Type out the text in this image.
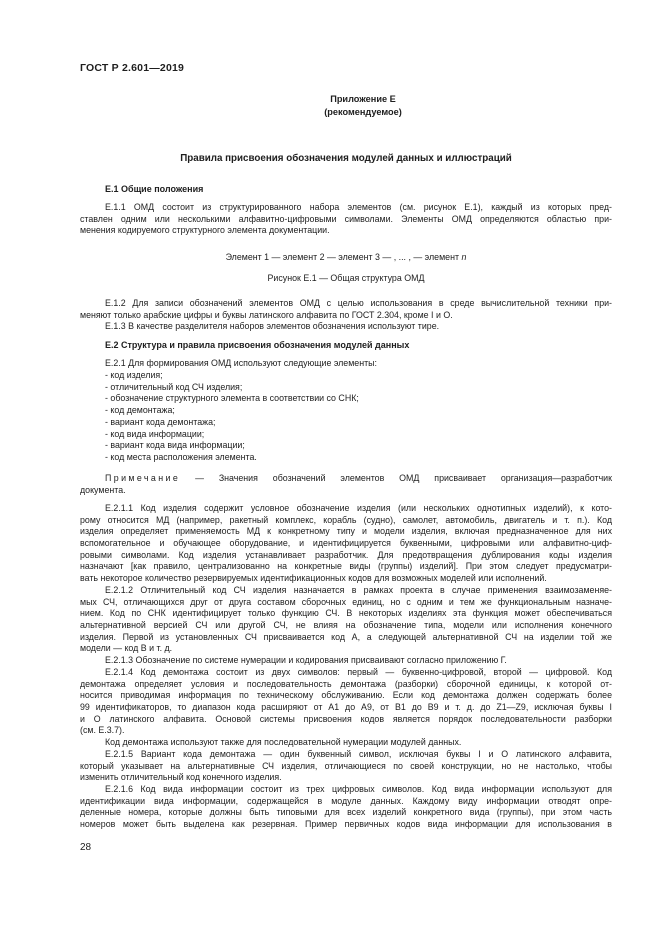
ГОСТ Р 2.601—2019
Приложение Е
(рекомендуемое)
Правила присвоения обозначения модулей данных и иллюстраций
Е.1 Общие положения
Е.1.1 ОМД состоит из структурированного набора элементов (см. рисунок Е.1), каждый из которых пред-
ставлен одним или несколькими алфавитно-цифровыми символами. Элементы ОМД определяются областью при-
менения кодируемого структурного элемента документации.
Элемент 1 — элемент 2 — элемент 3 — , ... , — элемент n
Рисунок Е.1 — Общая структура ОМД
Е.1.2 Для записи обозначений элементов ОМД с целью использования в среде вычислительной техники при-
меняют только арабские цифры и буквы латинского алфавита по ГОСТ 2.304, кроме I и O.
Е.1.3 В качестве разделителя наборов элементов обозначения используют тире.
Е.2 Структура и правила присвоения обозначения модулей данных
Е.2.1 Для формирования ОМД используют следующие элементы:
- код изделия;
- отличительный код СЧ изделия;
- обозначение структурного элемента в соответствии со СНК;
- код демонтажа;
- вариант кода демонтажа;
- код вида информации;
- вариант кода вида информации;
- код места расположения элемента.
Примечание — Значения обозначений элементов ОМД присваивает организация—разработчик
документа.
Е.2.1.1 Код изделия содержит условное обозначение изделия (или нескольких однотипных изделий), к кото-
рому относится МД (например, ракетный комплекс, корабль (судно), самолет, автомобиль, двигатель и т. п.). Код
изделия определяет применяемость МД к конкретному типу и модели изделия, включая предназначенное для них
вспомогательное и обучающее оборудование, и идентифицируется буквенными, цифровыми или алфавитно-циф-
ровыми символами. Код изделия устанавливает разработчик. Для предотвращения дублирования коды изделия
назначают [как правило, централизованно на конкретные виды (группы) изделий]. При этом следует предусматри-
вать некоторое количество резервируемых идентификационных кодов для возможных моделей или исполнений.
Е.2.1.2 Отличительный код СЧ изделия назначается в рамках проекта в случае применения взаимозаменяе-
мых СЧ, отличающихся друг от друга составом сборочных единиц, но с одним и тем же функциональным назначе-
нием. Код по СНК идентифицирует только функцию СЧ. В некоторых изделиях эта функция может обеспечиваться
альтернативной версией СЧ или другой СЧ, не влияя на обозначение типа, модели или исполнения конечного
изделия. Первой из установленных СЧ присваивается код А, а следующей альтернативной СЧ на изделии той же
модели — код В и т. д.
Е.2.1.3 Обозначение по системе нумерации и кодирования присваивают согласно приложению Г.
Е.2.1.4 Код демонтажа состоит из двух символов: первый — буквенно-цифровой, второй — цифровой. Код
демонтажа определяет условия и последовательность демонтажа (разборки) сборочной единицы, к которой от-
носится приводимая информация по техническому обслуживанию. Если код демонтажа должен содержать более
99 идентификаторов, то диапазон кода расширяют от А1 до А9, от В1 до В9 и т. д. до Z1—Z9, исключая буквы I
и O латинского алфавита. Основой системы присвоения кодов является порядок последовательности разборки
(см. Е.3.7).
Код демонтажа используют также для последовательной нумерации модулей данных.
Е.2.1.5 Вариант кода демонтажа — один буквенный символ, исключая буквы I и O латинского алфавита,
который указывает на альтернативные СЧ изделия, отличающиеся по своей конструкции, но не настолько, чтобы
изменить отличительный код конечного изделия.
Е.2.1.6 Код вида информации состоит из трех цифровых символов. Код вида информации используют для
идентификации вида информации, содержащейся в модуле данных. Каждому виду информации отводят опре-
деленные номера, которые должны быть типовыми для всех изделий конкретного вида (группы), при этом часть
номеров может быть выделена как резервная. Пример первичных кодов вида информации для использования в
28
